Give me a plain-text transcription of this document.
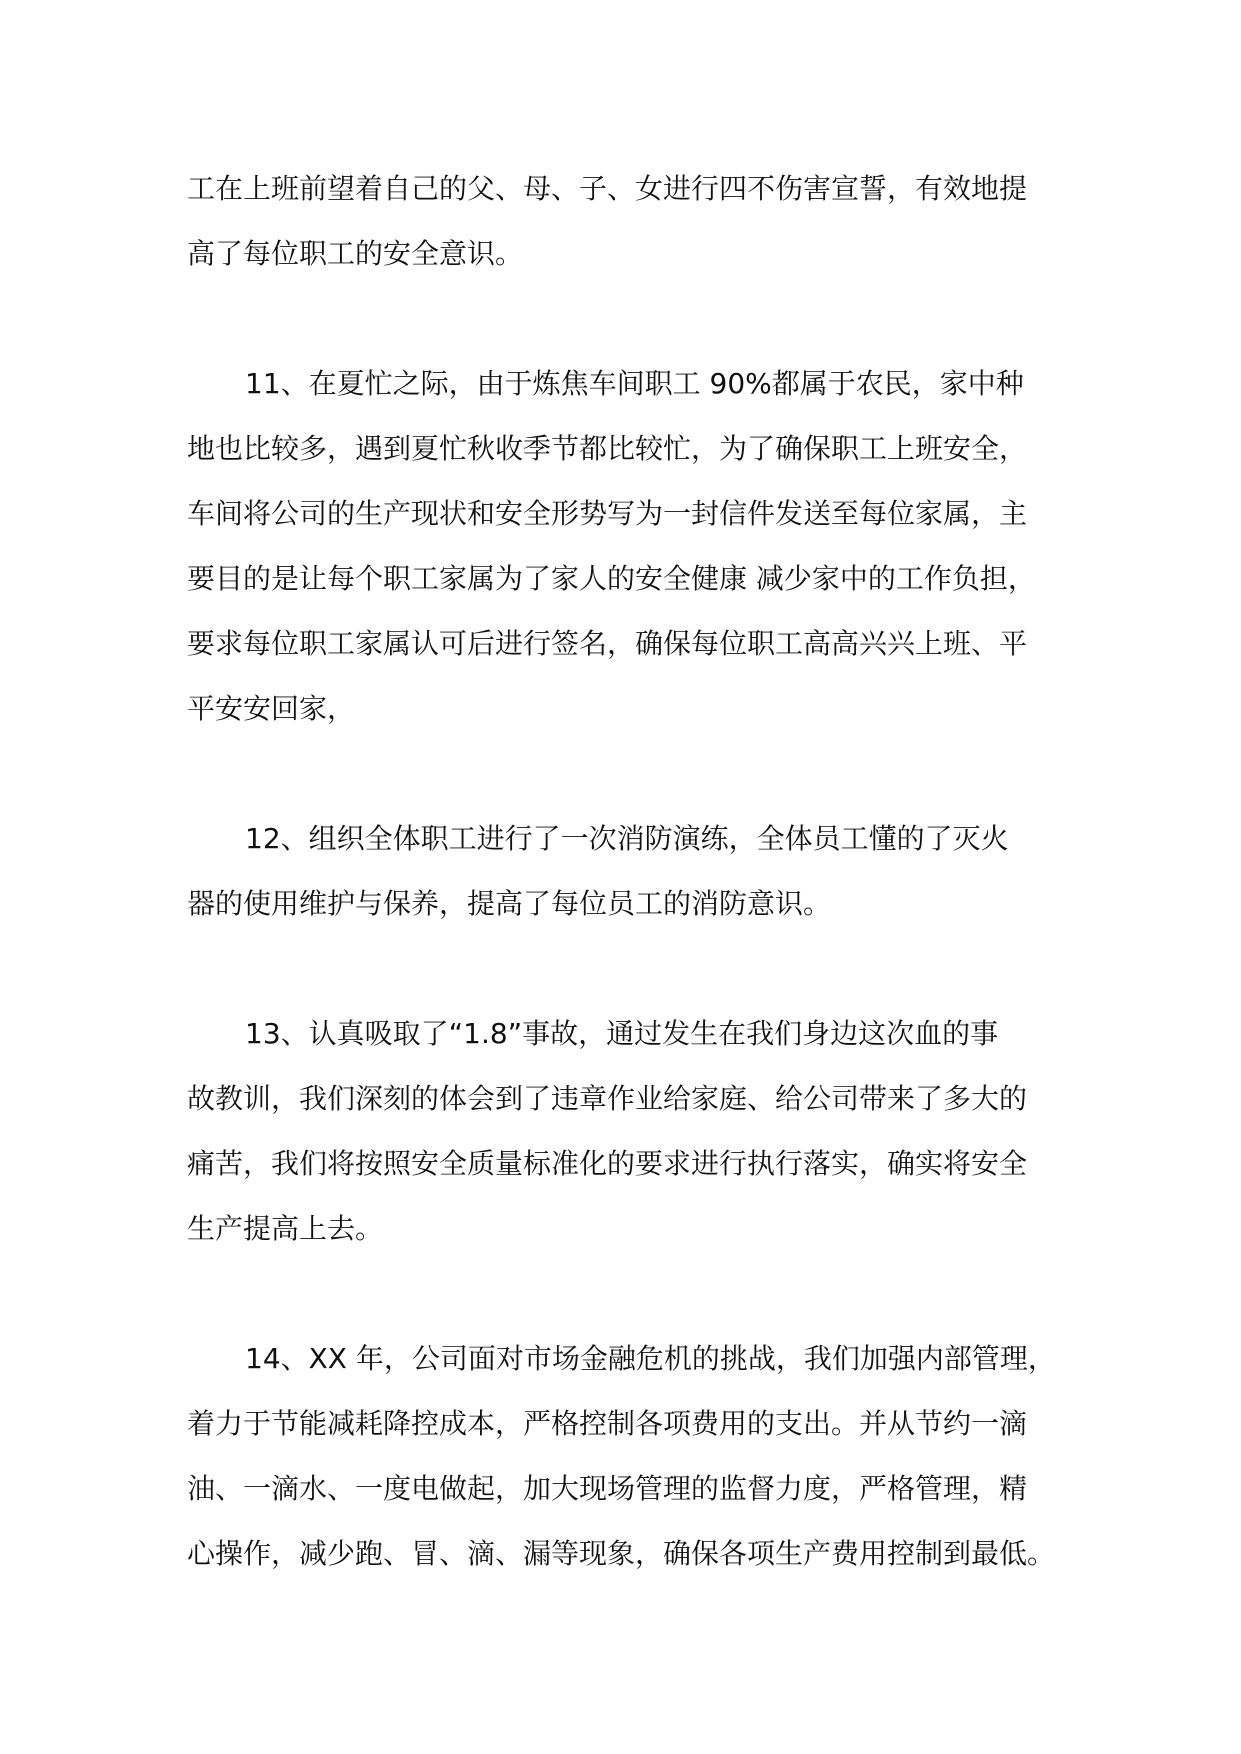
工在上班前望着自己的父、母、子、女进行四不伤害宣誓，有效地提
高了每位职工的安全意识。
11、在夏忙之际，由于炼焦车间职工 90%都属于农民，家中种
地也比较多，遇到夏忙秋收季节都比较忙，为了确保职工上班安全，
车间将公司的生产现状和安全形势写为一封信件发送至每位家属，主
要目的是让每个职工家属为了家人的安全健康 减少家中的工作负担，
要求每位职工家属认可后进行签名，确保每位职工高高兴兴上班、平
平安安回家，
12、组织全体职工进行了一次消防演练，全体员工懂的了灭火
器的使用维护与保养，提高了每位员工的消防意识。
13、认真吸取了“1.8”事故，通过发生在我们身边这次血的事
故教训，我们深刻的体会到了违章作业给家庭、给公司带来了多大的
痛苦，我们将按照安全质量标准化的要求进行执行落实，确实将安全
生产提高上去。
14、XX 年，公司面对市场金融危机的挑战，我们加强内部管理，
着力于节能减耗降控成本，严格控制各项费用的支出。并从节约一滴
油、一滴水、一度电做起，加大现场管理的监督力度，严格管理，精
心操作，减少跑、冒、滴、漏等现象，确保各项生产费用控制到最低。
